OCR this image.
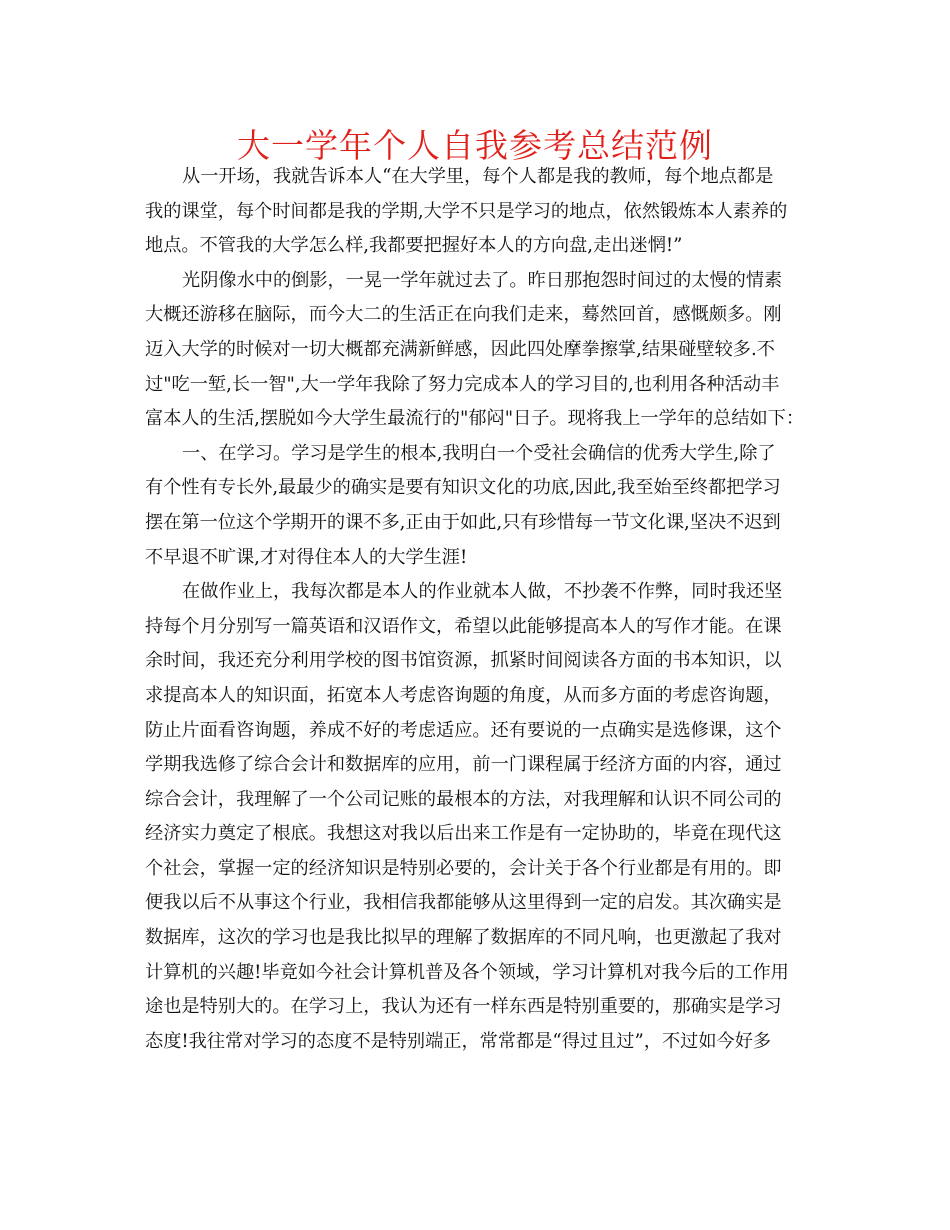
大一学年个人自我参考总结范例
从一开场，我就告诉本人“在大学里，每个人都是我的教师，每个地点都是
我的课堂，每个时间都是我的学期,大学不只是学习的地点，依然锻炼本人素养的
地点。不管我的大学怎么样,我都要把握好本人的方向盘,走出迷惘!”
光阴像水中的倒影，一晃一学年就过去了。昨日那抱怨时间过的太慢的情素
大概还游移在脑际，而今大二的生活正在向我们走来，蓦然回首，感慨颇多。刚
迈入大学的时候对一切大概都充满新鲜感，因此四处摩拳擦掌,结果碰壁较多.不
过"吃一堑,长一智",大一学年我除了努力完成本人的学习目的,也利用各种活动丰
富本人的生活,摆脱如今大学生最流行的"郁闷"日子。现将我上一学年的总结如下：
一、在学习。学习是学生的根本,我明白一个受社会确信的优秀大学生,除了
有个性有专长外,最最少的确实是要有知识文化的功底,因此,我至始至终都把学习
摆在第一位这个学期开的课不多,正由于如此,只有珍惜每一节文化课,坚决不迟到
不早退不旷课,才对得住本人的大学生涯!
在做作业上，我每次都是本人的作业就本人做，不抄袭不作弊，同时我还坚
持每个月分别写一篇英语和汉语作文，希望以此能够提高本人的写作才能。在课
余时间，我还充分利用学校的图书馆资源，抓紧时间阅读各方面的书本知识，以
求提高本人的知识面，拓宽本人考虑咨询题的角度，从而多方面的考虑咨询题，
防止片面看咨询题，养成不好的考虑适应。还有要说的一点确实是选修课，这个
学期我选修了综合会计和数据库的应用，前一门课程属于经济方面的内容，通过
综合会计，我理解了一个公司记账的最根本的方法，对我理解和认识不同公司的
经济实力奠定了根底。我想这对我以后出来工作是有一定协助的，毕竟在现代这
个社会，掌握一定的经济知识是特别必要的，会计关于各个行业都是有用的。即
便我以后不从事这个行业，我相信我都能够从这里得到一定的启发。其次确实是
数据库，这次的学习也是我比拟早的理解了数据库的不同凡响，也更激起了我对
计算机的兴趣!毕竟如今社会计算机普及各个领域，学习计算机对我今后的工作用
途也是特别大的。在学习上，我认为还有一样东西是特别重要的，那确实是学习
态度!我往常对学习的态度不是特别端正，常常都是“得过且过”，不过如今好多
